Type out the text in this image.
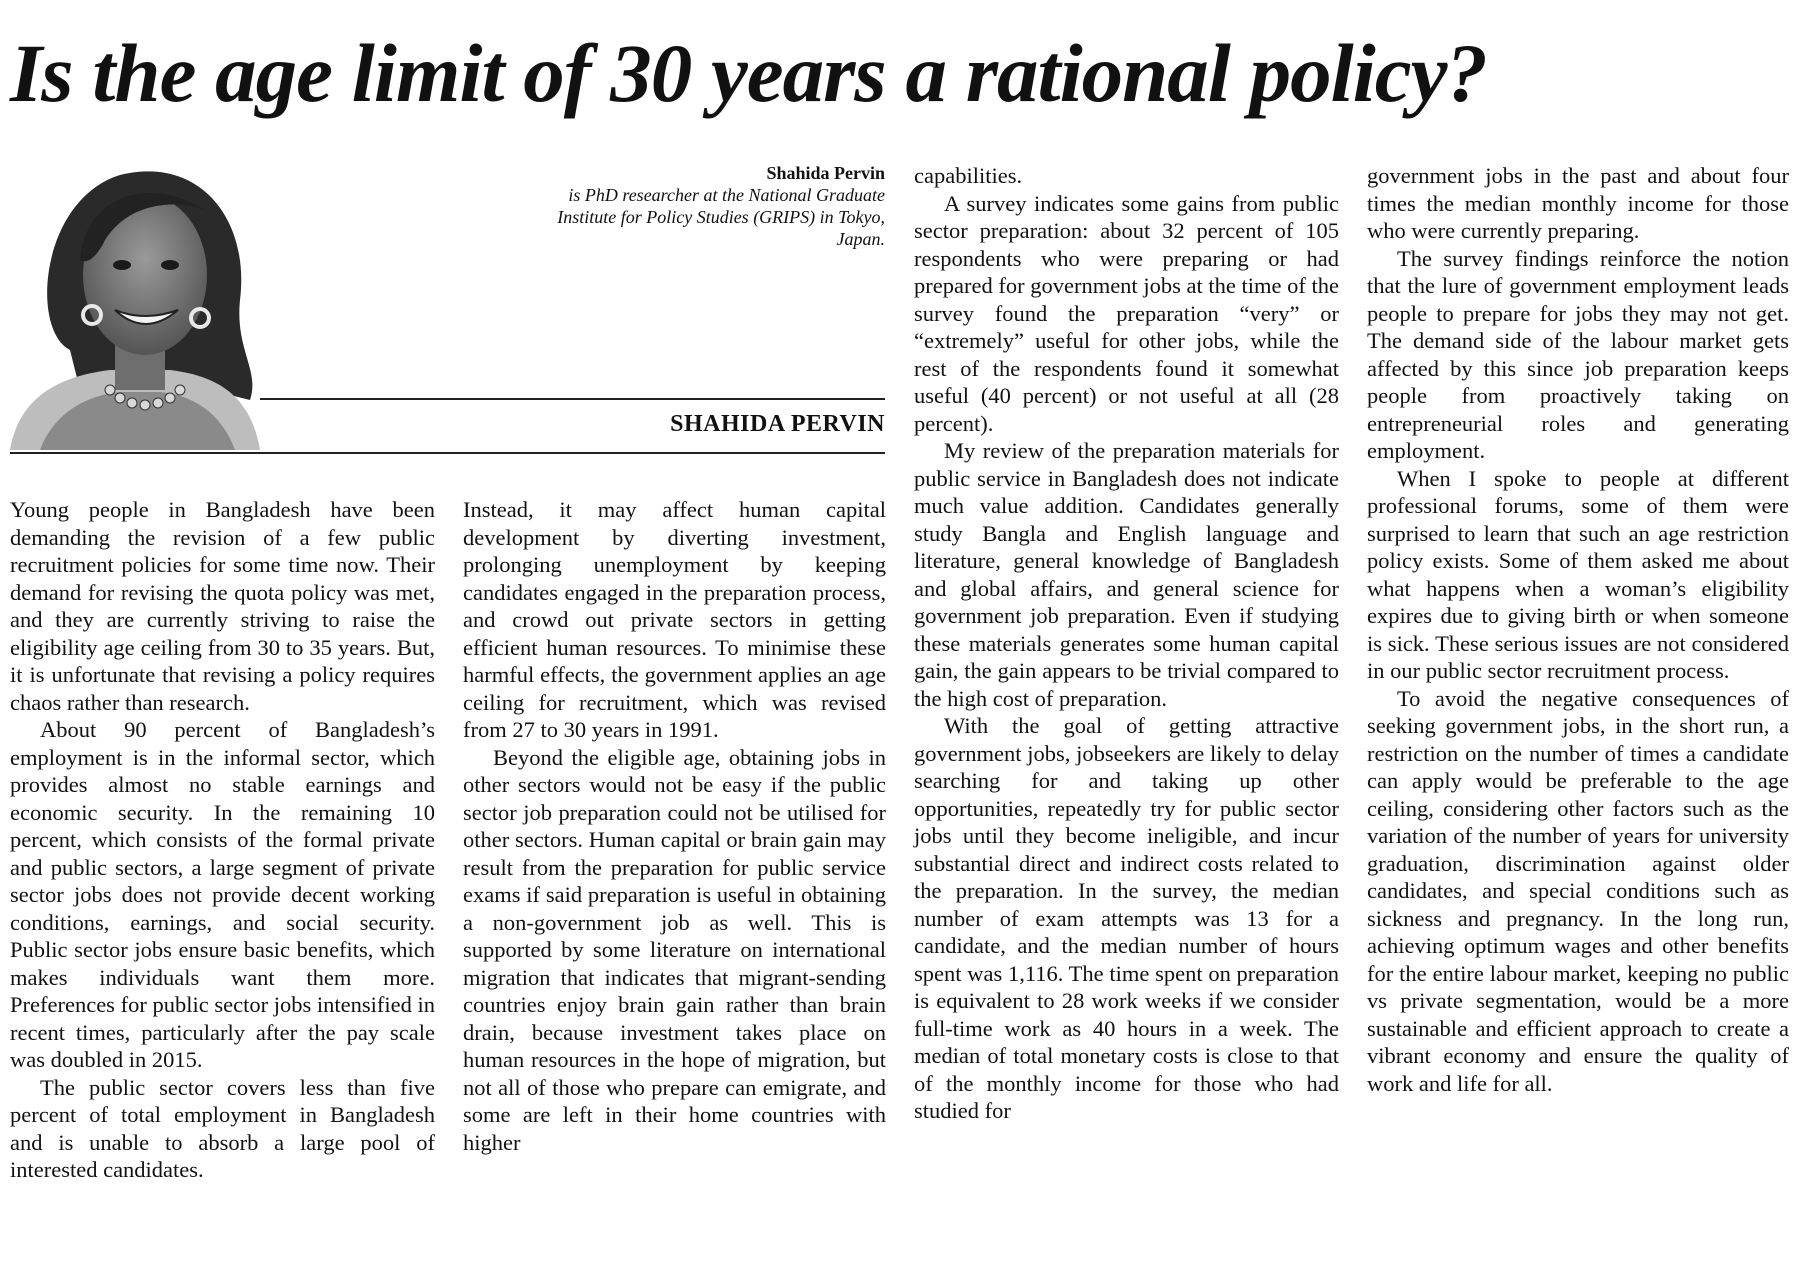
Is the age limit of 30 years a rational policy?
Shahida Pervin
is PhD researcher at the National Graduate Institute for Policy Studies (GRIPS) in Tokyo, Japan.
SHAHIDA PERVIN

Young people in Bangladesh have been demanding the revision of a few public recruitment policies for some time now. Their demand for revising the quota policy was met, and they are currently striving to raise the eligibility age ceiling from 30 to 35 years. But, it is unfortunate that revising a policy requires chaos rather than research.

About 90 percent of Bangladesh’s employment is in the informal sector, which provides almost no stable earnings and economic security. In the remaining 10 percent, which consists of the formal private and public sectors, a large segment of private sector jobs does not provide decent working conditions, earnings, and social security. Public sector jobs ensure basic benefits, which makes individuals want them more. Preferences for public sector jobs intensified in recent times, particularly after the pay scale was doubled in 2015.

The public sector covers less than five percent of total employment in Bangladesh and is unable to absorb a large pool of interested candidates.

Instead, it may affect human capital development by diverting investment, prolonging unemployment by keeping candidates engaged in the preparation process, and crowd out private sectors in getting efficient human resources. To minimise these harmful effects, the government applies an age ceiling for recruitment, which was revised from 27 to 30 years in 1991.

Beyond the eligible age, obtaining jobs in other sectors would not be easy if the public sector job preparation could not be utilised for other sectors. Human capital or brain gain may result from the preparation for public service exams if said preparation is useful in obtaining a non-government job as well. This is supported by some literature on international migration that indicates that migrant-sending countries enjoy brain gain rather than brain drain, because investment takes place on human resources in the hope of migration, but not all of those who prepare can emigrate, and some are left in their home countries with higher

capabilities.

A survey indicates some gains from public sector preparation: about 32 percent of 105 respondents who were preparing or had prepared for government jobs at the time of the survey found the preparation “very” or “extremely” useful for other jobs, while the rest of the respondents found it somewhat useful (40 percent) or not useful at all (28 percent).

My review of the preparation materials for public service in Bangladesh does not indicate much value addition. Candidates generally study Bangla and English language and literature, general knowledge of Bangladesh and global affairs, and general science for government job preparation. Even if studying these materials generates some human capital gain, the gain appears to be trivial compared to the high cost of preparation.

With the goal of getting attractive government jobs, jobseekers are likely to delay searching for and taking up other opportunities, repeatedly try for public sector jobs until they become ineligible, and incur substantial direct and indirect costs related to the preparation. In the survey, the median number of exam attempts was 13 for a candidate, and the median number of hours spent was 1,116. The time spent on preparation is equivalent to 28 work weeks if we consider full-time work as 40 hours in a week. The median of total monetary costs is close to that of the monthly income for those who had studied for

government jobs in the past and about four times the median monthly income for those who were currently preparing.

The survey findings reinforce the notion that the lure of government employment leads people to prepare for jobs they may not get. The demand side of the labour market gets affected by this since job preparation keeps people from proactively taking on entrepreneurial roles and generating employment.

When I spoke to people at different professional forums, some of them were surprised to learn that such an age restriction policy exists. Some of them asked me about what happens when a woman’s eligibility expires due to giving birth or when someone is sick. These serious issues are not considered in our public sector recruitment process.

To avoid the negative consequences of seeking government jobs, in the short run, a restriction on the number of times a candidate can apply would be preferable to the age ceiling, considering other factors such as the variation of the number of years for university graduation, discrimination against older candidates, and special conditions such as sickness and pregnancy. In the long run, achieving optimum wages and other benefits for the entire labour market, keeping no public vs private segmentation, would be a more sustainable and efficient approach to create a vibrant economy and ensure the quality of work and life for all.
